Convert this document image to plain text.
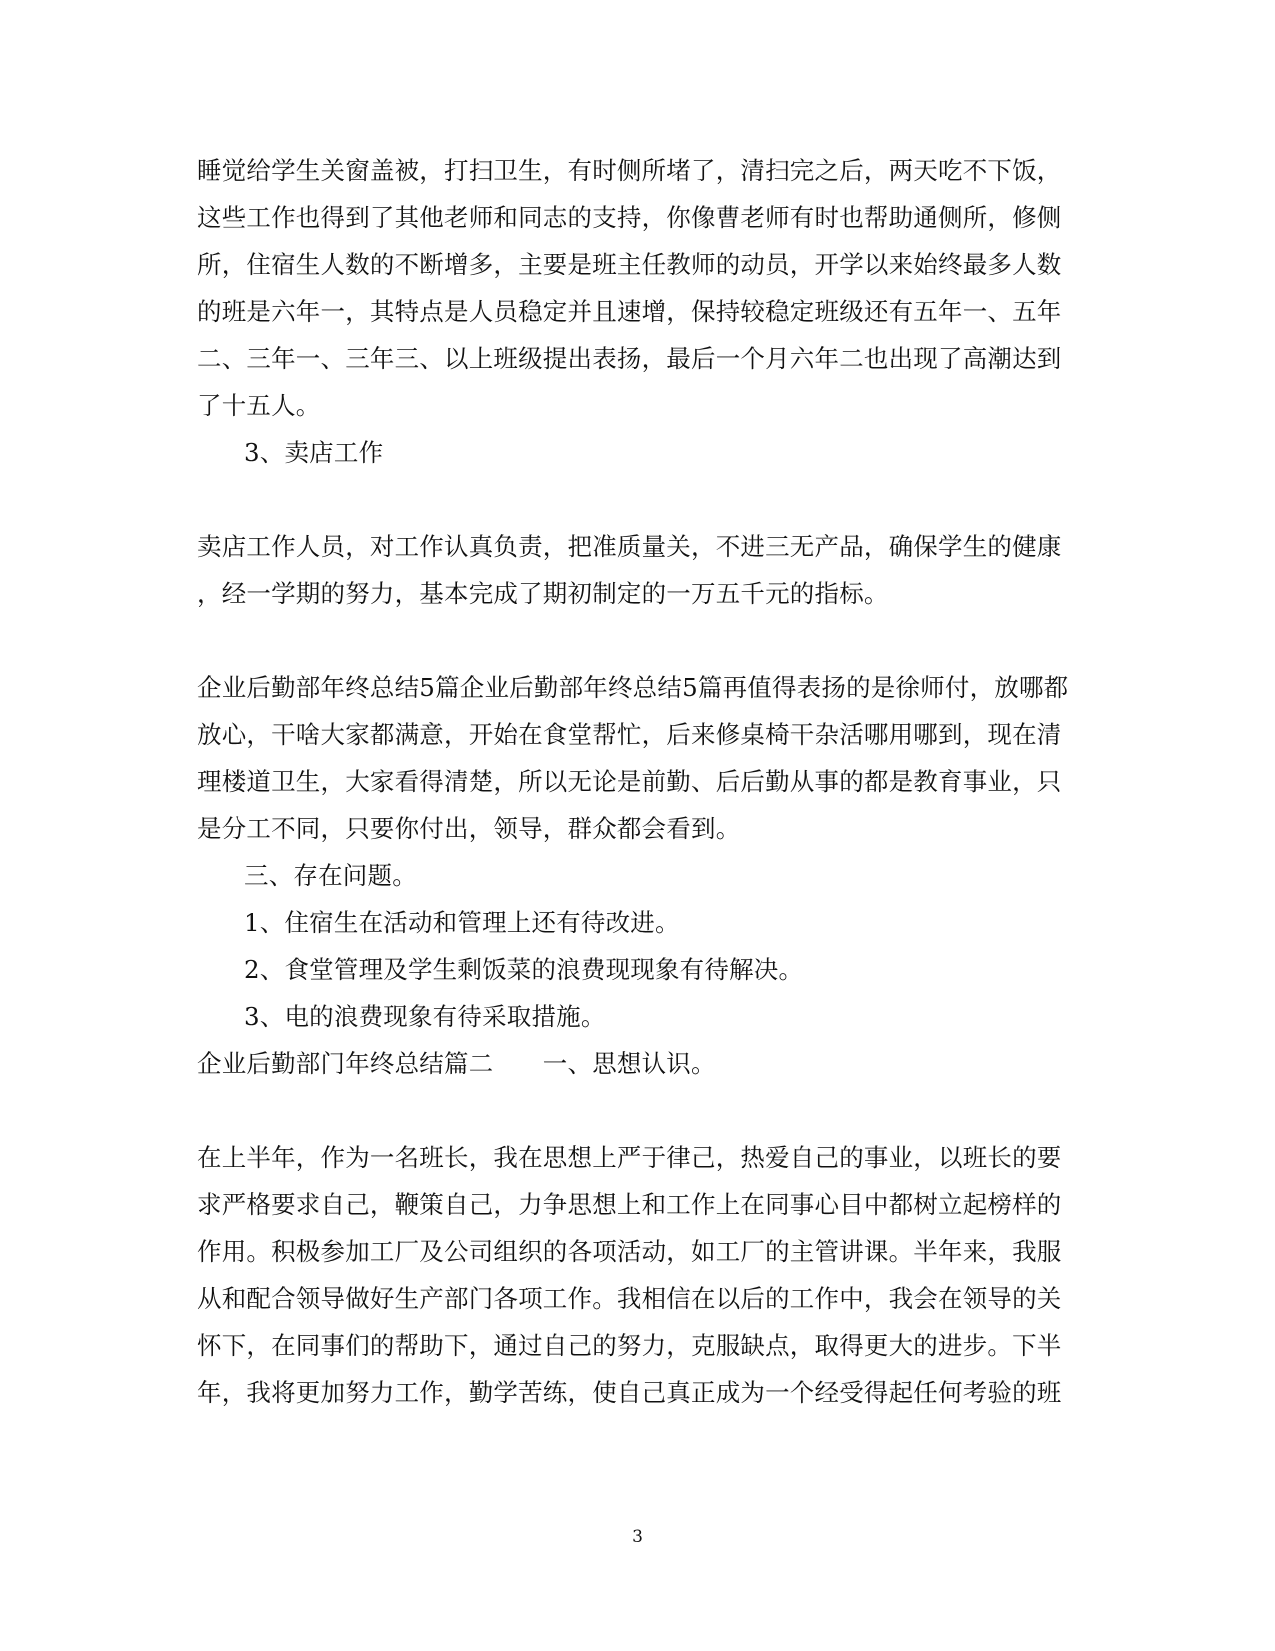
睡觉给学生关窗盖被，打扫卫生，有时侧所堵了，清扫完之后，两天吃不下饭，
这些工作也得到了其他老师和同志的支持，你像曹老师有时也帮助通侧所，修侧
所，住宿生人数的不断增多，主要是班主任教师的动员，开学以来始终最多人数
的班是六年一，其特点是人员稳定并且速增，保持较稳定班级还有五年一、五年
二、三年一、三年三、以上班级提出表扬，最后一个月六年二也出现了高潮达到
了十五人。
3、卖店工作
卖店工作人员，对工作认真负责，把准质量关，不进三无产品，确保学生的健康
，经一学期的努力，基本完成了期初制定的一万五千元的指标。
企业后勤部年终总结5篇企业后勤部年终总结5篇再值得表扬的是徐师付，放哪都
放心，干啥大家都满意，开始在食堂帮忙，后来修桌椅干杂活哪用哪到，现在清
理楼道卫生，大家看得清楚，所以无论是前勤、后后勤从事的都是教育事业，只
是分工不同，只要你付出，领导，群众都会看到。
三、存在问题。
1、住宿生在活动和管理上还有待改进。
2、食堂管理及学生剩饭菜的浪费现现象有待解决。
3、电的浪费现象有待采取措施。
企业后勤部门年终总结篇二　　一、思想认识。
在上半年，作为一名班长，我在思想上严于律己，热爱自己的事业，以班长的要
求严格要求自己，鞭策自己，力争思想上和工作上在同事心目中都树立起榜样的
作用。积极参加工厂及公司组织的各项活动，如工厂的主管讲课。半年来，我服
从和配合领导做好生产部门各项工作。我相信在以后的工作中，我会在领导的关
怀下，在同事们的帮助下，通过自己的努力，克服缺点，取得更大的进步。下半
年，我将更加努力工作，勤学苦练，使自己真正成为一个经受得起任何考验的班
3
